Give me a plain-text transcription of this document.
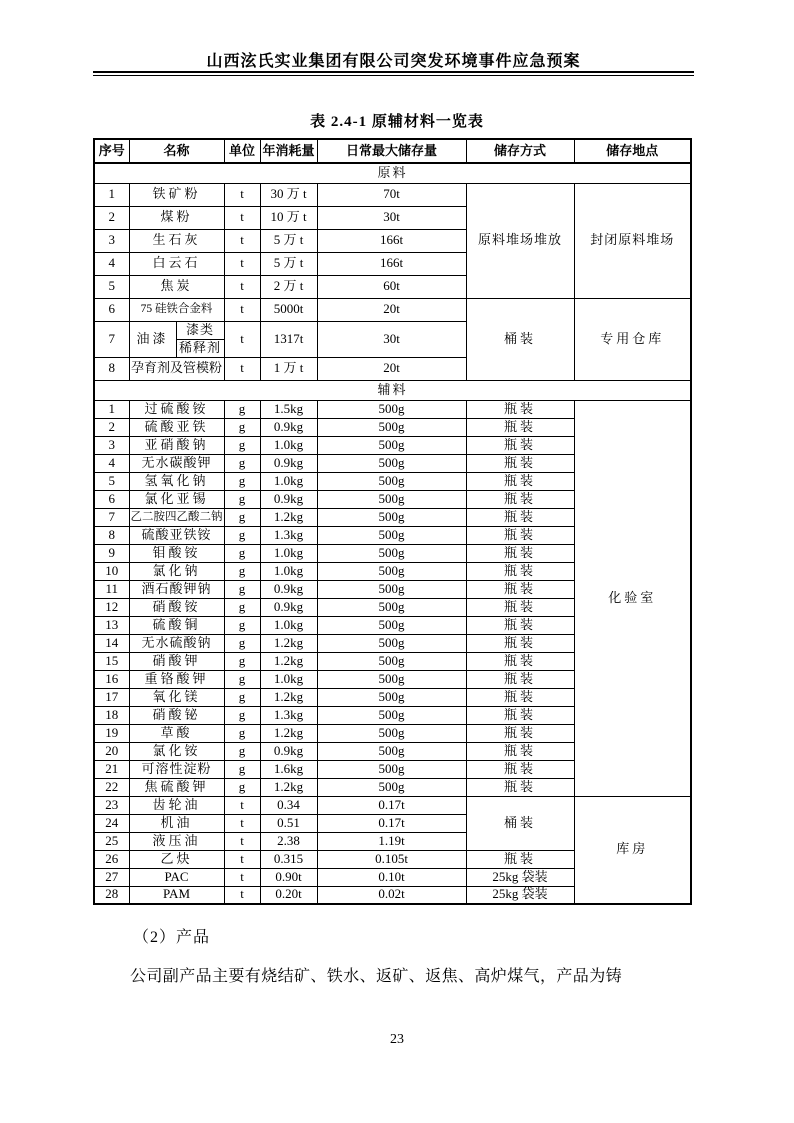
山西泫氏实业集团有限公司突发环境事件应急预案
表 2.4-1 原辅材料一览表
序号	名称		单位	年消耗量	日常最大储存量	储存方式	储存地点
原料							
1	铁矿粉		t	30 万 t	70t	原料堆场堆放	封闭原料堆场
2	煤粉		t	10 万 t	30t		
3	生石灰		t	5 万 t	166t		
4	白云石		t	5 万 t	166t		
5	焦炭		t	2 万 t	60t		
6	75 硅铁合金料		t	5000t	20t	桶装	专用仓库
7	油漆	漆类	t	1317t	30t		
		稀释剂					
8	孕育剂及管模粉		t	1 万 t	20t		
辅料							
1	过硫酸铵		g	1.5kg	500g	瓶装	化验室
2	硫酸亚铁		g	0.9kg	500g	瓶装	
3	亚硝酸钠		g	1.0kg	500g	瓶装	
4	无水碳酸钾		g	0.9kg	500g	瓶装	
5	氢氧化钠		g	1.0kg	500g	瓶装	
6	氯化亚锡		g	0.9kg	500g	瓶装	
7	乙二胺四乙酸二钠		g	1.2kg	500g	瓶装	
8	硫酸亚铁铵		g	1.3kg	500g	瓶装	
9	钼酸铵		g	1.0kg	500g	瓶装	
10	氯化钠		g	1.0kg	500g	瓶装	
11	酒石酸钾钠		g	0.9kg	500g	瓶装	
12	硝酸铵		g	0.9kg	500g	瓶装	
13	硫酸铜		g	1.0kg	500g	瓶装	
14	无水硫酸钠		g	1.2kg	500g	瓶装	
15	硝酸钾		g	1.2kg	500g	瓶装	
16	重铬酸钾		g	1.0kg	500g	瓶装	
17	氧化镁		g	1.2kg	500g	瓶装	
18	硝酸铋		g	1.3kg	500g	瓶装	
19	草酸		g	1.2kg	500g	瓶装	
20	氯化铵		g	0.9kg	500g	瓶装	
21	可溶性淀粉		g	1.6kg	500g	瓶装	
22	焦硫酸钾		g	1.2kg	500g	瓶装	
23	齿轮油		t	0.34	0.17t	桶装	库房
24	机油		t	0.51	0.17t		
25	液压油		t	2.38	1.19t		
26	乙炔		t	0.315	0.105t	瓶装	
27	PAC		t	0.90t	0.10t	25kg 袋装	
28	PAM		t	0.20t	0.02t	25kg 袋装	
（2）产品
公司副产品主要有烧结矿、铁水、返矿、返焦、高炉煤气，产品为铸
23
